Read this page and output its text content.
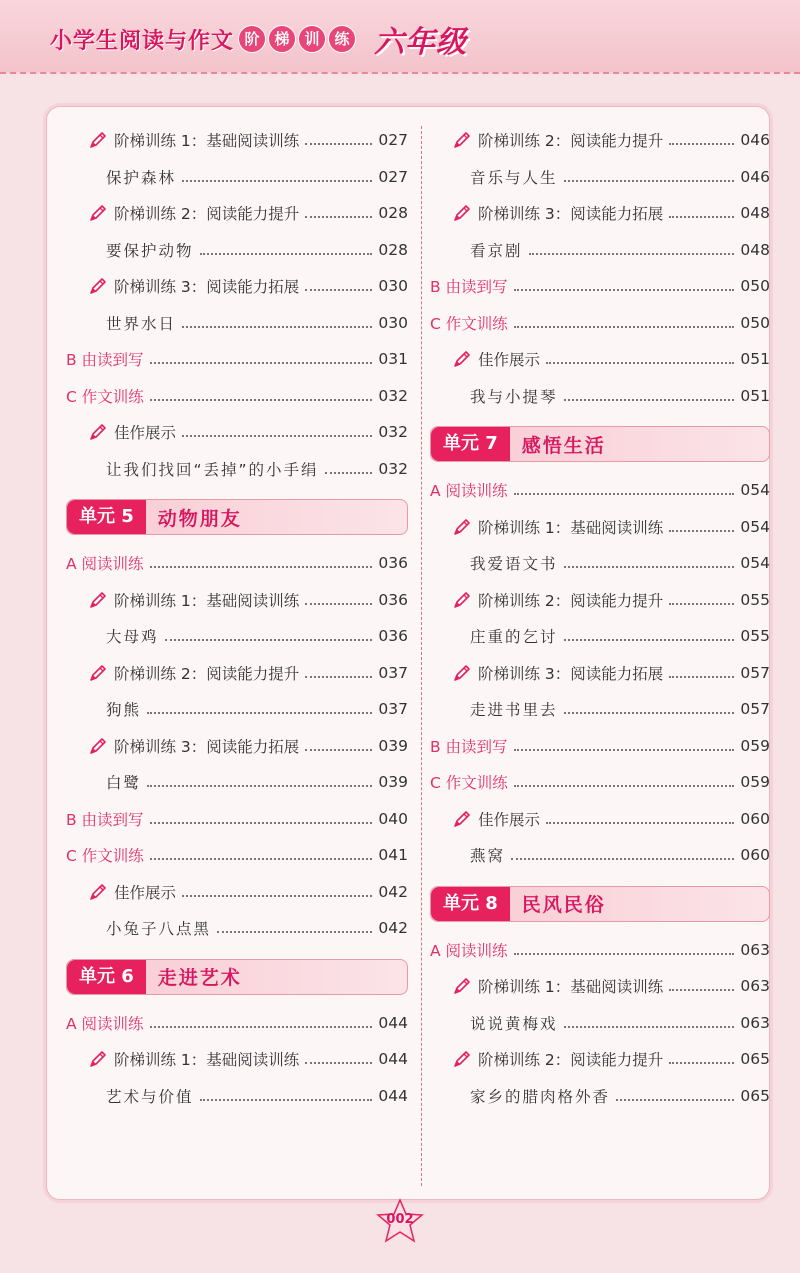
小学生阅读与作文 阶 梯 训 练 六年级
阶梯训练 1：基础阅读训练	027
保护森林	027
阶梯训练 2：阅读能力提升	028
要保护动物	028
阶梯训练 3：阅读能力拓展	030
世界水日	030
B 由读到写	031
C 作文训练	032
佳作展示	032
让我们找回“丢掉”的小手绢	032
单元 5	动物朋友
A 阅读训练	036
阶梯训练 1：基础阅读训练	036
大母鸡	036
阶梯训练 2：阅读能力提升	037
狗熊	037
阶梯训练 3：阅读能力拓展	039
白鹭	039
B 由读到写	040
C 作文训练	041
佳作展示	042
小兔子八点黑	042
单元 6	走进艺术
A 阅读训练	044
阶梯训练 1：基础阅读训练	044
艺术与价值	044
阶梯训练 2：阅读能力提升	046
音乐与人生	046
阶梯训练 3：阅读能力拓展	048
看京剧	048
B 由读到写	050
C 作文训练	050
佳作展示	051
我与小提琴	051
单元 7	感悟生活
A 阅读训练	054
阶梯训练 1：基础阅读训练	054
我爱语文书	054
阶梯训练 2：阅读能力提升	055
庄重的乞讨	055
阶梯训练 3：阅读能力拓展	057
走进书里去	057
B 由读到写	059
C 作文训练	059
佳作展示	060
燕窝	060
单元 8	民风民俗
A 阅读训练	063
阶梯训练 1：基础阅读训练	063
说说黄梅戏	063
阶梯训练 2：阅读能力提升	065
家乡的腊肉格外香	065
002
